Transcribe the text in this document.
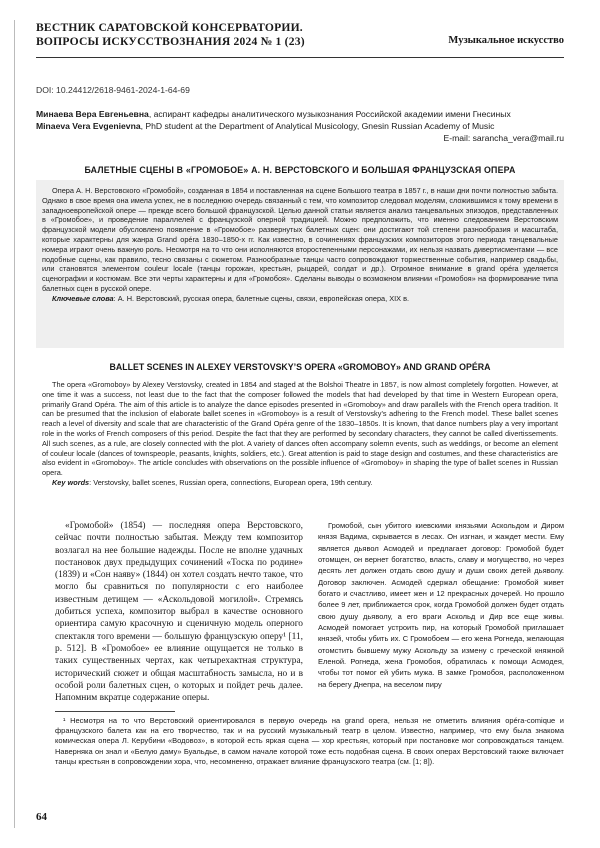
ВЕСТНИК САРАТОВСКОЙ КОНСЕРВАТОРИИ.
ВОПРОСЫ ИСКУССТВОЗНАНИЯ 2024 № 1 (23)	Музыкальное искусство
DOI: 10.24412/2618-9461-2024-1-64-69
Минаева Вера Евгеньевна, аспирант кафедры аналитического музыкознания Российской академии имени Гнесиных
Minaeva Vera Evgenievna, PhD student at the Department of Analytical Musicology, Gnesin Russian Academy of Music
E-mail: sarancha_vera@mail.ru
БАЛЕТНЫЕ СЦЕНЫ В «ГРОМОБОЕ» А. Н. ВЕРСТОВСКОГО И БОЛЬШАЯ ФРАНЦУЗСКАЯ ОПЕРА

Опера А. Н. Верстовского «Громобой», созданная в 1854 и поставленная на сцене Большого театра в 1857 г., в наши дни почти полностью забыта. Однако в свое время она имела успех, не в последнюю очередь связанный с тем, что композитор следовал моделям, сложившимся к тому времени в западноевропейской опере — прежде всего большой французской. Целью данной статьи является анализ танцевальных эпизодов, представленных в «Громобое», и проведение параллелей с французской оперной традицией. Можно предположить, что именно следованием Верстовским французской модели обусловлено появление в «Громобое» развернутых балетных сцен: они достигают той степени разнообразия и масштаба, которые характерны для жанра Grand opéra 1830–1850-х гг. Как известно, в сочинениях французских композиторов этого периода танцевальные номера играют очень важную роль. Несмотря на то что они исполняются второстепенными персонажами, их нельзя назвать дивертисментами — все подобные сцены, как правило, тесно связаны с сюжетом. Разнообразные танцы часто сопровождают торжественные события, например свадьбы, или становятся элементом couleur locale (танцы горожан, крестьян, рыцарей, солдат и др.). Огромное внимание в grand opéra уделяется сценографии и костюмам. Все эти черты характерны и для «Громобоя». Сделаны выводы о возможном влиянии «Громобоя» на формирование типа балетных сцен в русской опере.

Ключевые слова: А. Н. Верстовский, русская опера, балетные сцены, связи, европейская опера, XIX в.

BALLET SCENES IN ALEXEY VERSTOVSKY’S OPERA «GROMOBOY» AND GRAND OPÉRA

The opera «Gromoboy» by Alexey Verstovsky, created in 1854 and staged at the Bolshoi Theatre in 1857, is now almost completely forgotten. However, at one time it was a success, not least due to the fact that the composer followed the models that had developed by that time in Western European opera, primarily Grand Opéra. The aim of this article is to analyze the dance episodes presented in «Gromoboy» and draw parallels with the French opera tradition. It can be presumed that the inclusion of elaborate ballet scenes in «Gromoboy» is a result of Verstovsky’s adhering to the French model. These ballet scenes reach a level of diversity and scale that are characteristic of the Grand Opéra genre of the 1830–1850s. It is known, that dance numbers play a very important role in the works of French composers of this period. Despite the fact that they are performed by secondary characters, they cannot be called divertissements. All such scenes, as a rule, are closely connected with the plot. A variety of dances often accompany solemn events, such as weddings, or become an element of couleur locale (dances of townspeople, peasants, knights, soldiers, etc.). Great attention is paid to stage design and costumes, and these characteristics are also evident in «Gromoboy». The article concludes with observations on the possible influence of «Gromoboy» in shaping the type of ballet scenes in Russian opera.

Key words: Verstovsky, ballet scenes, Russian opera, connections, European opera, 19th century.

«Громобой» (1854) — последняя опера Верстовского, сейчас почти полностью забытая. Между тем композитор возлагал на нее большие надежды. После не вполне удачных постановок двух предыдущих сочинений «Тоска по родине» (1839) и «Сон наяву» (1844) он хотел создать нечто такое, что могло бы сравниться по популярности с его наиболее известным детищем — «Аскольдовой могилой». Стремясь добиться успеха, композитор выбрал в качестве основного ориентира самую красочную и сценичную модель оперного спектакля того времени — большую французскую оперу¹ [11, p. 512]. В «Громобое» ее влияние ощущается не только в таких существенных чертах, как четырехактная структура, исторический сюжет и общая масштабность замысла, но и в особой роли балетных сцен, о которых и пойдет речь далее. Напомним вкратце содержание оперы.

Громобой, сын убитого киевскими князьями Аскольдом и Диром князя Вадима, скрывается в лесах. Он изгнан, и жаждет мести. Ему является дьявол Асмодей и предлагает договор: Громобой будет отомщен, он вернет богатство, власть, славу и могущество, но через десять лет должен отдать свою душу и души своих детей дьяволу. Договор заключен. Асмодей сдержал обещание: Громобой живет богато и счастливо, имеет жен и 12 прекрасных дочерей. Но прошло более 9 лет, приближается срок, когда Громобой должен будет отдать свою душу дьяволу, а его враги Аскольд и Дир все еще живы. Асмодей помогает устроить пир, на который Громобой приглашает князей, чтобы убить их. С Громобоем — его жена Рогнеда, желающая отомстить бывшему мужу Аскольду за измену с греческой княжной Еленой. Рогнеда, жена Громобоя, обратилась к помощи Асмодея, чтобы тот помог ей убить мужа. В замке Громобоя, расположенном на берегу Днепра, на веселом пиру

¹ Несмотря на то что Верстовский ориентировался в первую очередь на grand opera, нельзя не отметить влияния opéra-comique и французского балета как на его творчество, так и на русский музыкальный театр в целом. Известно, например, что ему была знакома комическая опера Л. Керубини «Водовоз», в которой есть яркая сцена — хор крестьян, который при постановке мог сопровождаться танцем. Наверняка он знал и «Белую даму» Буальдье, в самом начале которой тоже есть подобная сцена. В своих операх Верстовский также включает танцы крестьян в сопровождении хора, что, несомненно, отражает влияние французского театра (см. [1; 8]).

64
